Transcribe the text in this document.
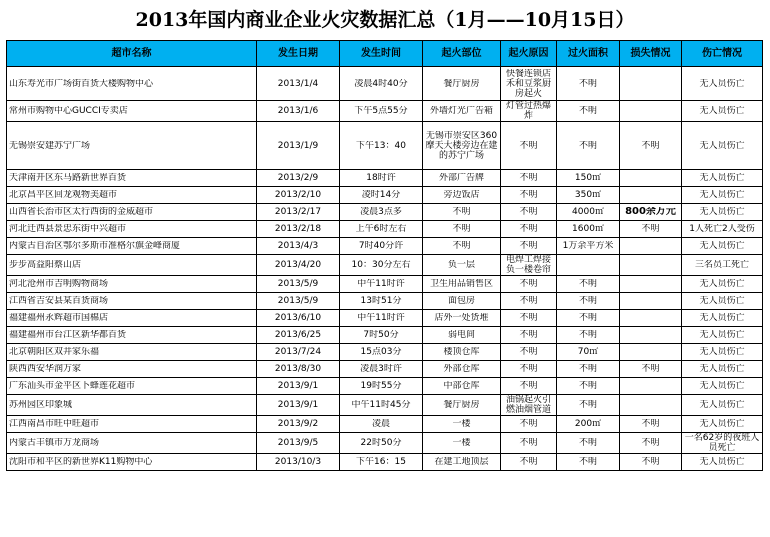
2013年国内商业企业火灾数据汇总（1月——10月15日）
超市名称	发生日期	发生时间	起火部位	起火原因	过火面积	损失情况	伤亡情况

山东寿光市广场街百货大楼购物中心	2013/1/4	凌晨4时40分	餐厅厨房	快餐连锁店禾和豆浆厨房起火	不明		无人员伤亡

常州市购物中心GUCCI专卖店	2013/1/6	下午5点55分	外墙灯光广告箱	灯管过热爆炸	不明		无人员伤亡

无锡崇安建苏宁广场	2013/1/9	下午13：40	无锡市崇安区360摩天大楼旁边在建的苏宁广场	不明	不明	不明	无人员伤亡

天津南开区东马路新世界百货	2013/2/9	18时许	外部广告牌	不明	150㎡		无人员伤亡

北京昌平区回龙观物美超市	2013/2/10	凌时14分	旁边饭店	不明	350㎡		无人员伤亡

山西省长治市区太行西街的金威超市	2013/2/17	凌晨3点多	不明	不明	4000㎡	800余万元	无人员伤亡

河北迁西县景忠东街中兴超市	2013/2/18	上午6时左右	不明	不明	1600㎡	不明	1人死亡2人受伤

内蒙古自治区鄂尔多斯市准格尔旗金峰商厦	2013/4/3	7时40分许	不明	不明	1万余平方米		无人员伤亡

步步高益阳蔡山店	2013/4/20	10：30分左右	负一层	电焊工焊接负一楼卷帘			三名员工死亡

河北沧州市吉明购物商场	2013/5/9	中午11时许	卫生用品销售区	不明	不明		无人员伤亡

江西省吉安县某百货商场	2013/5/9	13时51分	面包房	不明	不明		无人员伤亡

福建福州永辉超市国棉店	2013/6/10	中午11时许	店外一处货堆	不明	不明		无人员伤亡

福建福州市台江区新华都百货	2013/6/25	7时50分	弱电间	不明	不明		无人员伤亡

北京朝阳区双井家乐福	2013/7/24	15点03分	楼顶仓库	不明	70㎡		无人员伤亡

陕西西安华润万家	2013/8/30	凌晨3时许	外部仓库	不明	不明	不明	无人员伤亡

广东汕头市金平区卜蜂莲花超市	2013/9/1	19时55分	中部仓库	不明	不明		无人员伤亡

苏州园区印象城	2013/9/1	中午11时45分	餐厅厨房	油锅起火引燃油烟管道	不明		无人员伤亡

江西南昌市旺中旺超市	2013/9/2	凌晨	一楼	不明	200㎡	不明	无人员伤亡

内蒙古丰镇市万龙商场	2013/9/5	22时50分	一楼	不明	不明	不明	一名62岁的夜班人员死亡

沈阳市和平区的新世界K11购物中心	2013/10/3	下午16：15	在建工地顶层	不明	不明	不明	无人员伤亡
